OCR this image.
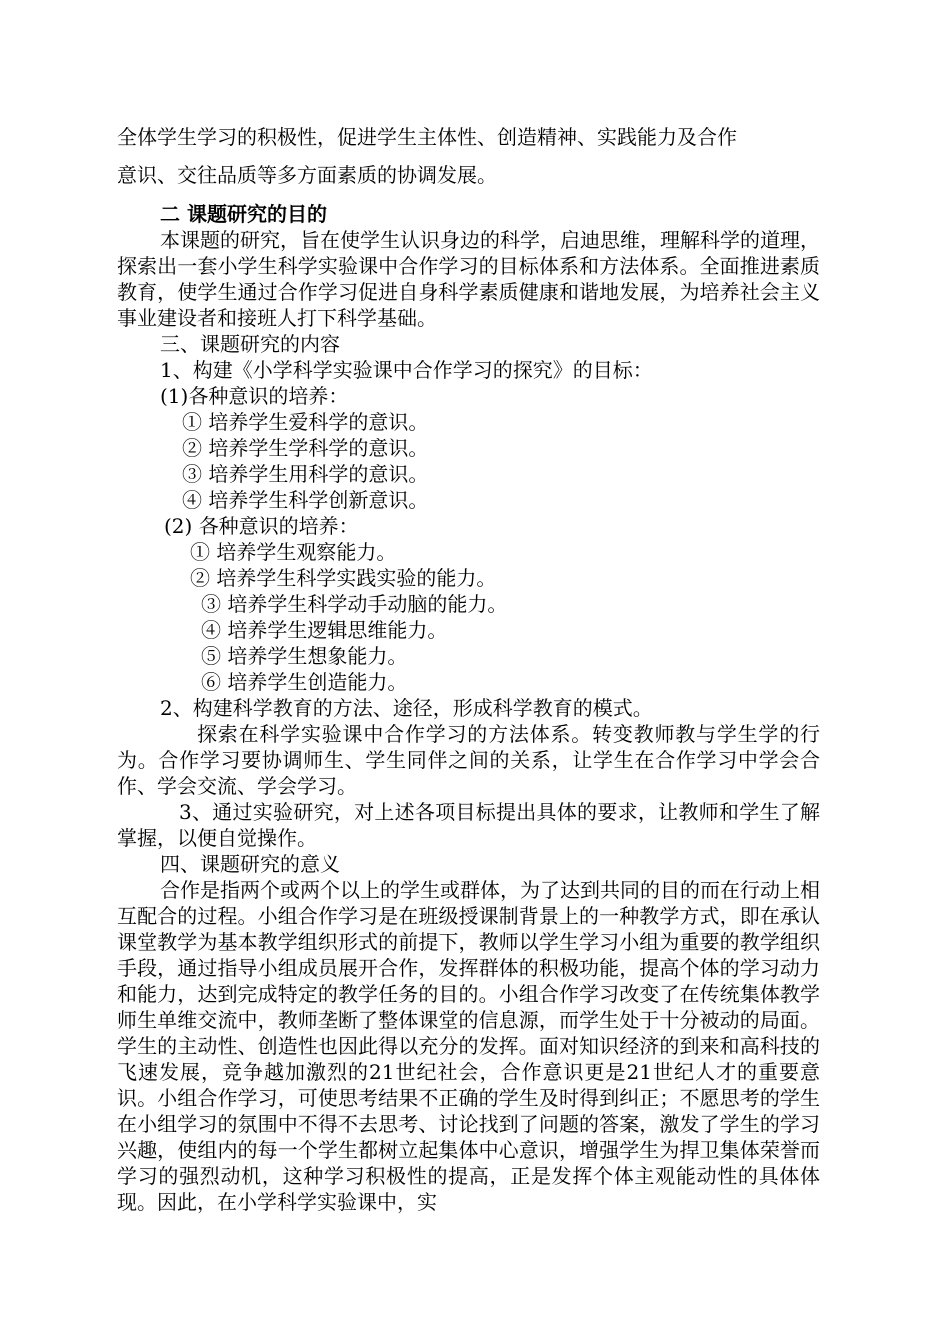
全体学生学习的积极性，促进学生主体性、创造精神、实践能力及合作

意识、交往品质等多方面素质的协调发展。

二 课题研究的目的

本课题的研究，旨在使学生认识身边的科学，启迪思维，理解科学的道理，探索出一套小学生科学实验课中合作学习的目标体系和方法体系。全面推进素质教育，使学生通过合作学习促进自身科学素质健康和谐地发展，为培养社会主义事业建设者和接班人打下科学基础。

三、课题研究的内容

1、构建《小学科学实验课中合作学习的探究》的目标：

(1)各种意识的培养：

① 培养学生爱科学的意识。

② 培养学生学科学的意识。

③ 培养学生用科学的意识。

④ 培养学生科学创新意识。

(2) 各种意识的培养：

① 培养学生观察能力。

② 培养学生科学实践实验的能力。

③ 培养学生科学动手动脑的能力。

④ 培养学生逻辑思维能力。

⑤ 培养学生想象能力。

⑥ 培养学生创造能力。

2、构建科学教育的方法、途径，形成科学教育的模式。

探索在科学实验课中合作学习的方法体系。转变教师教与学生学的行为。合作学习要协调师生、学生同伴之间的关系，让学生在合作学习中学会合作、学会交流、学会学习。

3、通过实验研究，对上述各项目标提出具体的要求，让教师和学生了解掌握，以便自觉操作。

四、课题研究的意义

合作是指两个或两个以上的学生或群体，为了达到共同的目的而在行动上相互配合的过程。小组合作学习是在班级授课制背景上的一种教学方式，即在承认课堂教学为基本教学组织形式的前提下，教师以学生学习小组为重要的教学组织手段，通过指导小组成员展开合作，发挥群体的积极功能，提高个体的学习动力和能力，达到完成特定的教学任务的目的。小组合作学习改变了在传统集体教学师生单维交流中，教师垄断了整体课堂的信息源，而学生处于十分被动的局面。学生的主动性、创造性也因此得以充分的发挥。面对知识经济的到来和高科技的飞速发展，竞争越加激烈的21世纪社会，合作意识更是21世纪人才的重要意识。小组合作学习，可使思考结果不正确的学生及时得到纠正；不愿思考的学生在小组学习的氛围中不得不去思考、讨论找到了问题的答案，激发了学生的学习兴趣，使组内的每一个学生都树立起集体中心意识，增强学生为捍卫集体荣誉而学习的强烈动机，这种学习积极性的提高，正是发挥个体主观能动性的具体体现。因此，在小学科学实验课中，实
